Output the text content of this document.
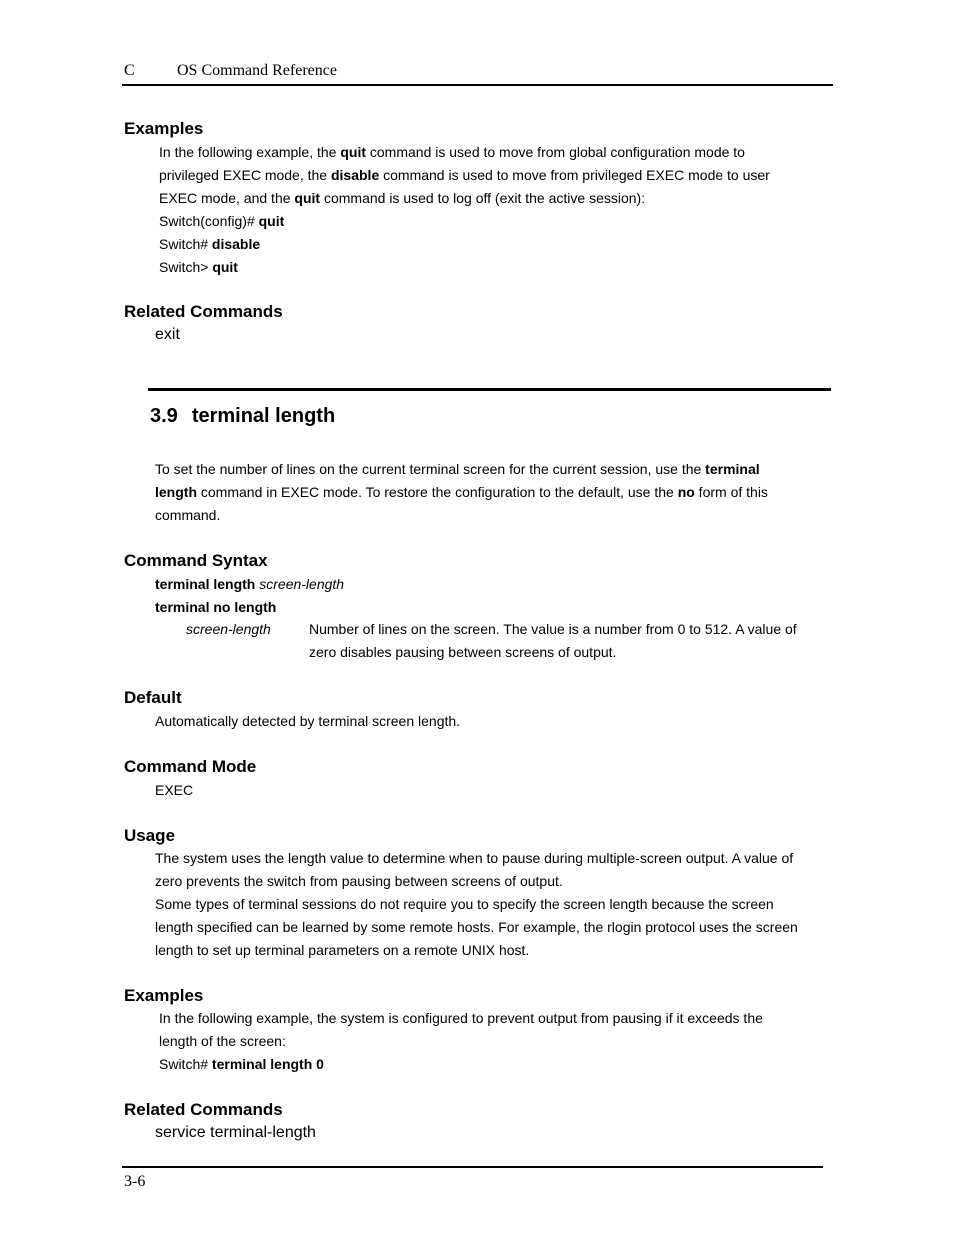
C	OS Command Reference
Examples
In the following example, the quit command is used to move from global configuration mode to
privileged EXEC mode, the disable command is used to move from privileged EXEC mode to user
EXEC mode, and the quit command is used to log off (exit the active session):
Switch(config)# quit
Switch# disable
Switch> quit
Related Commands
exit
3.9 terminal length
To set the number of lines on the current terminal screen for the current session, use the terminal
length command in EXEC mode. To restore the configuration to the default, use the no form of this
command.
Command Syntax
terminal length screen-length
terminal no length
screen-length	Number of lines on the screen. The value is a number from 0 to 512. A value of
zero disables pausing between screens of output.
Default
Automatically detected by terminal screen length.
Command Mode
EXEC
Usage
The system uses the length value to determine when to pause during multiple-screen output. A value of
zero prevents the switch from pausing between screens of output.
Some types of terminal sessions do not require you to specify the screen length because the screen
length specified can be learned by some remote hosts. For example, the rlogin protocol uses the screen
length to set up terminal parameters on a remote UNIX host.
Examples
In the following example, the system is configured to prevent output from pausing if it exceeds the
length of the screen:
Switch# terminal length 0
Related Commands
service terminal-length
3-6
